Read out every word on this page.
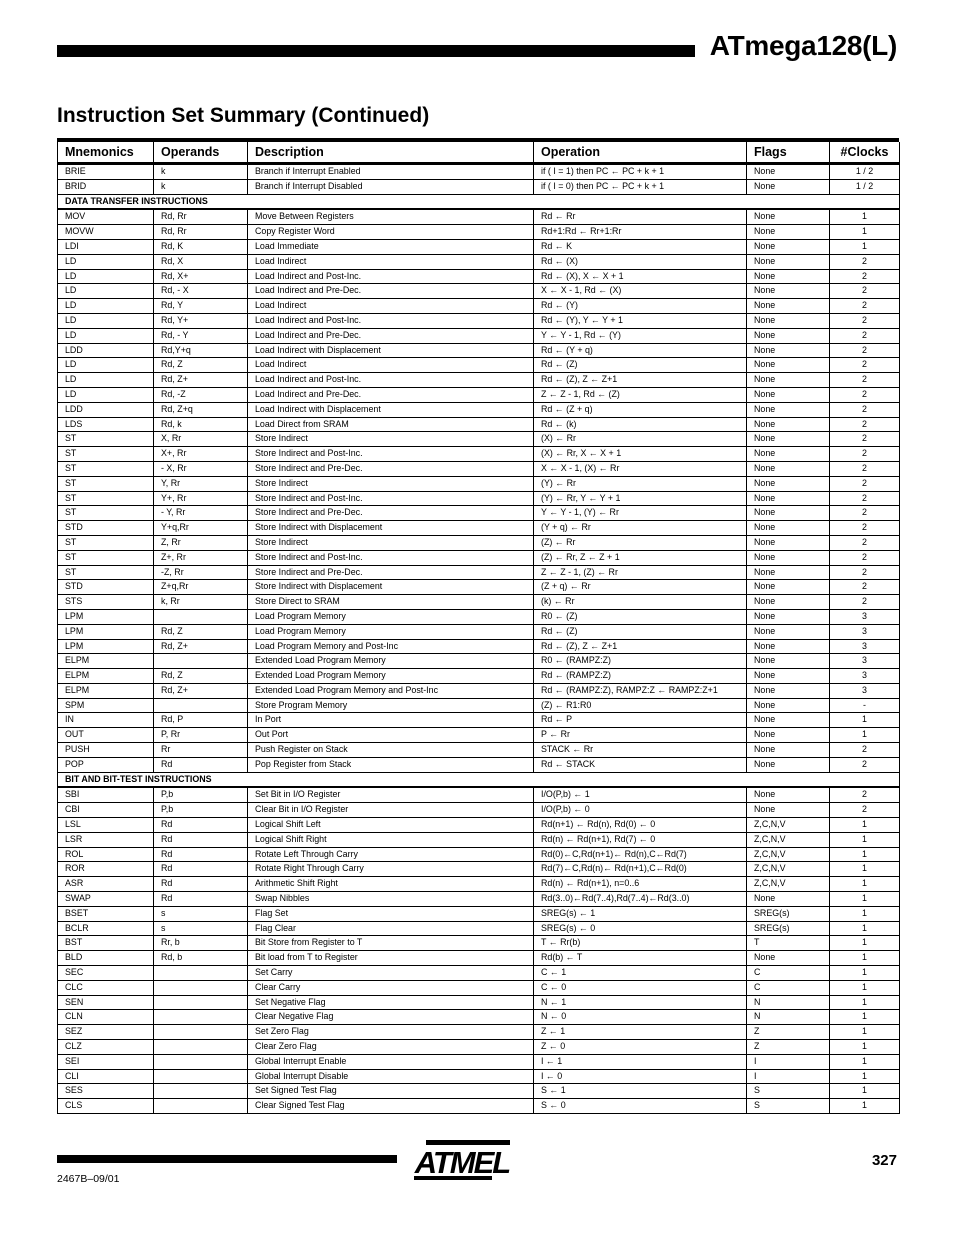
ATmega128(L)
Instruction Set Summary (Continued)
Mnemonics	Operands	Description	Operation	Flags	#Clocks
BRIE	k	Branch if Interrupt Enabled	if ( I = 1) then PC ← PC + k + 1	None	1 / 2
BRID	k	Branch if Interrupt Disabled	if ( I = 0) then PC ← PC + k + 1	None	1 / 2
DATA TRANSFER INSTRUCTIONS					
MOV	Rd, Rr	Move Between Registers	Rd ← Rr	None	1
MOVW	Rd, Rr	Copy Register Word	Rd+1:Rd ← Rr+1:Rr	None	1
LDI	Rd, K	Load Immediate	Rd ← K	None	1
LD	Rd, X	Load Indirect	Rd ← (X)	None	2
LD	Rd, X+	Load Indirect and Post-Inc.	Rd ← (X), X ← X + 1	None	2
LD	Rd, - X	Load Indirect and Pre-Dec.	X ← X - 1, Rd ← (X)	None	2
LD	Rd, Y	Load Indirect	Rd ← (Y)	None	2
LD	Rd, Y+	Load Indirect and Post-Inc.	Rd ← (Y), Y ← Y + 1	None	2
LD	Rd, - Y	Load Indirect and Pre-Dec.	Y ← Y - 1, Rd ← (Y)	None	2
LDD	Rd,Y+q	Load Indirect with Displacement	Rd ← (Y + q)	None	2
LD	Rd, Z	Load Indirect	Rd ← (Z)	None	2
LD	Rd, Z+	Load Indirect and Post-Inc.	Rd ← (Z), Z ← Z+1	None	2
LD	Rd, -Z	Load Indirect and Pre-Dec.	Z ← Z - 1, Rd ← (Z)	None	2
LDD	Rd, Z+q	Load Indirect with Displacement	Rd ← (Z + q)	None	2
LDS	Rd, k	Load Direct from SRAM	Rd ← (k)	None	2
ST	X, Rr	Store Indirect	(X) ← Rr	None	2
ST	X+, Rr	Store Indirect and Post-Inc.	(X) ← Rr, X ← X + 1	None	2
ST	- X, Rr	Store Indirect and Pre-Dec.	X ← X - 1, (X) ← Rr	None	2
ST	Y, Rr	Store Indirect	(Y) ← Rr	None	2
ST	Y+, Rr	Store Indirect and Post-Inc.	(Y) ← Rr, Y ← Y + 1	None	2
ST	- Y, Rr	Store Indirect and Pre-Dec.	Y ← Y - 1, (Y) ← Rr	None	2
STD	Y+q,Rr	Store Indirect with Displacement	(Y + q) ← Rr	None	2
ST	Z, Rr	Store Indirect	(Z) ← Rr	None	2
ST	Z+, Rr	Store Indirect and Post-Inc.	(Z) ← Rr, Z ← Z + 1	None	2
ST	-Z, Rr	Store Indirect and Pre-Dec.	Z ← Z - 1, (Z) ← Rr	None	2
STD	Z+q,Rr	Store Indirect with Displacement	(Z + q) ← Rr	None	2
STS	k, Rr	Store Direct to SRAM	(k) ← Rr	None	2
LPM		Load Program Memory	R0 ← (Z)	None	3
LPM	Rd, Z	Load Program Memory	Rd ← (Z)	None	3
LPM	Rd, Z+	Load Program Memory and Post-Inc	Rd ← (Z), Z ← Z+1	None	3
ELPM		Extended Load Program Memory	R0 ← (RAMPZ:Z)	None	3
ELPM	Rd, Z	Extended Load Program Memory	Rd ← (RAMPZ:Z)	None	3
ELPM	Rd, Z+	Extended Load Program Memory and Post-Inc	Rd ← (RAMPZ:Z), RAMPZ:Z ← RAMPZ:Z+1	None	3
SPM		Store Program Memory	(Z) ← R1:R0	None	-
IN	Rd, P	In Port	Rd ← P	None	1
OUT	P, Rr	Out Port	P ← Rr	None	1
PUSH	Rr	Push Register on Stack	STACK ← Rr	None	2
POP	Rd	Pop Register from Stack	Rd ← STACK	None	2
BIT AND BIT-TEST INSTRUCTIONS					
SBI	P,b	Set Bit in I/O Register	I/O(P,b) ← 1	None	2
CBI	P,b	Clear Bit in I/O Register	I/O(P,b) ← 0	None	2
LSL	Rd	Logical Shift Left	Rd(n+1) ← Rd(n), Rd(0) ← 0	Z,C,N,V	1
LSR	Rd	Logical Shift Right	Rd(n) ← Rd(n+1), Rd(7) ← 0	Z,C,N,V	1
ROL	Rd	Rotate Left Through Carry	Rd(0)←C,Rd(n+1)← Rd(n),C←Rd(7)	Z,C,N,V	1
ROR	Rd	Rotate Right Through Carry	Rd(7)←C,Rd(n)← Rd(n+1),C←Rd(0)	Z,C,N,V	1
ASR	Rd	Arithmetic Shift Right	Rd(n) ← Rd(n+1), n=0..6	Z,C,N,V	1
SWAP	Rd	Swap Nibbles	Rd(3..0)←Rd(7..4),Rd(7..4)←Rd(3..0)	None	1
BSET	s	Flag Set	SREG(s) ← 1	SREG(s)	1
BCLR	s	Flag Clear	SREG(s) ← 0	SREG(s)	1
BST	Rr, b	Bit Store from Register to T	T ← Rr(b)	T	1
BLD	Rd, b	Bit load from T to Register	Rd(b) ← T	None	1
SEC		Set Carry	C ← 1	C	1
CLC		Clear Carry	C ← 0	C	1
SEN		Set Negative Flag	N ← 1	N	1
CLN		Clear Negative Flag	N ← 0	N	1
SEZ		Set Zero Flag	Z ← 1	Z	1
CLZ		Clear Zero Flag	Z ← 0	Z	1
SEI		Global Interrupt Enable	I ← 1	I	1
CLI		Global Interrupt Disable	I ← 0	I	1
SES		Set Signed Test Flag	S ← 1	S	1
CLS		Clear Signed Test Flag	S ← 0	S	1
ATMEL	327
2467B–09/01
